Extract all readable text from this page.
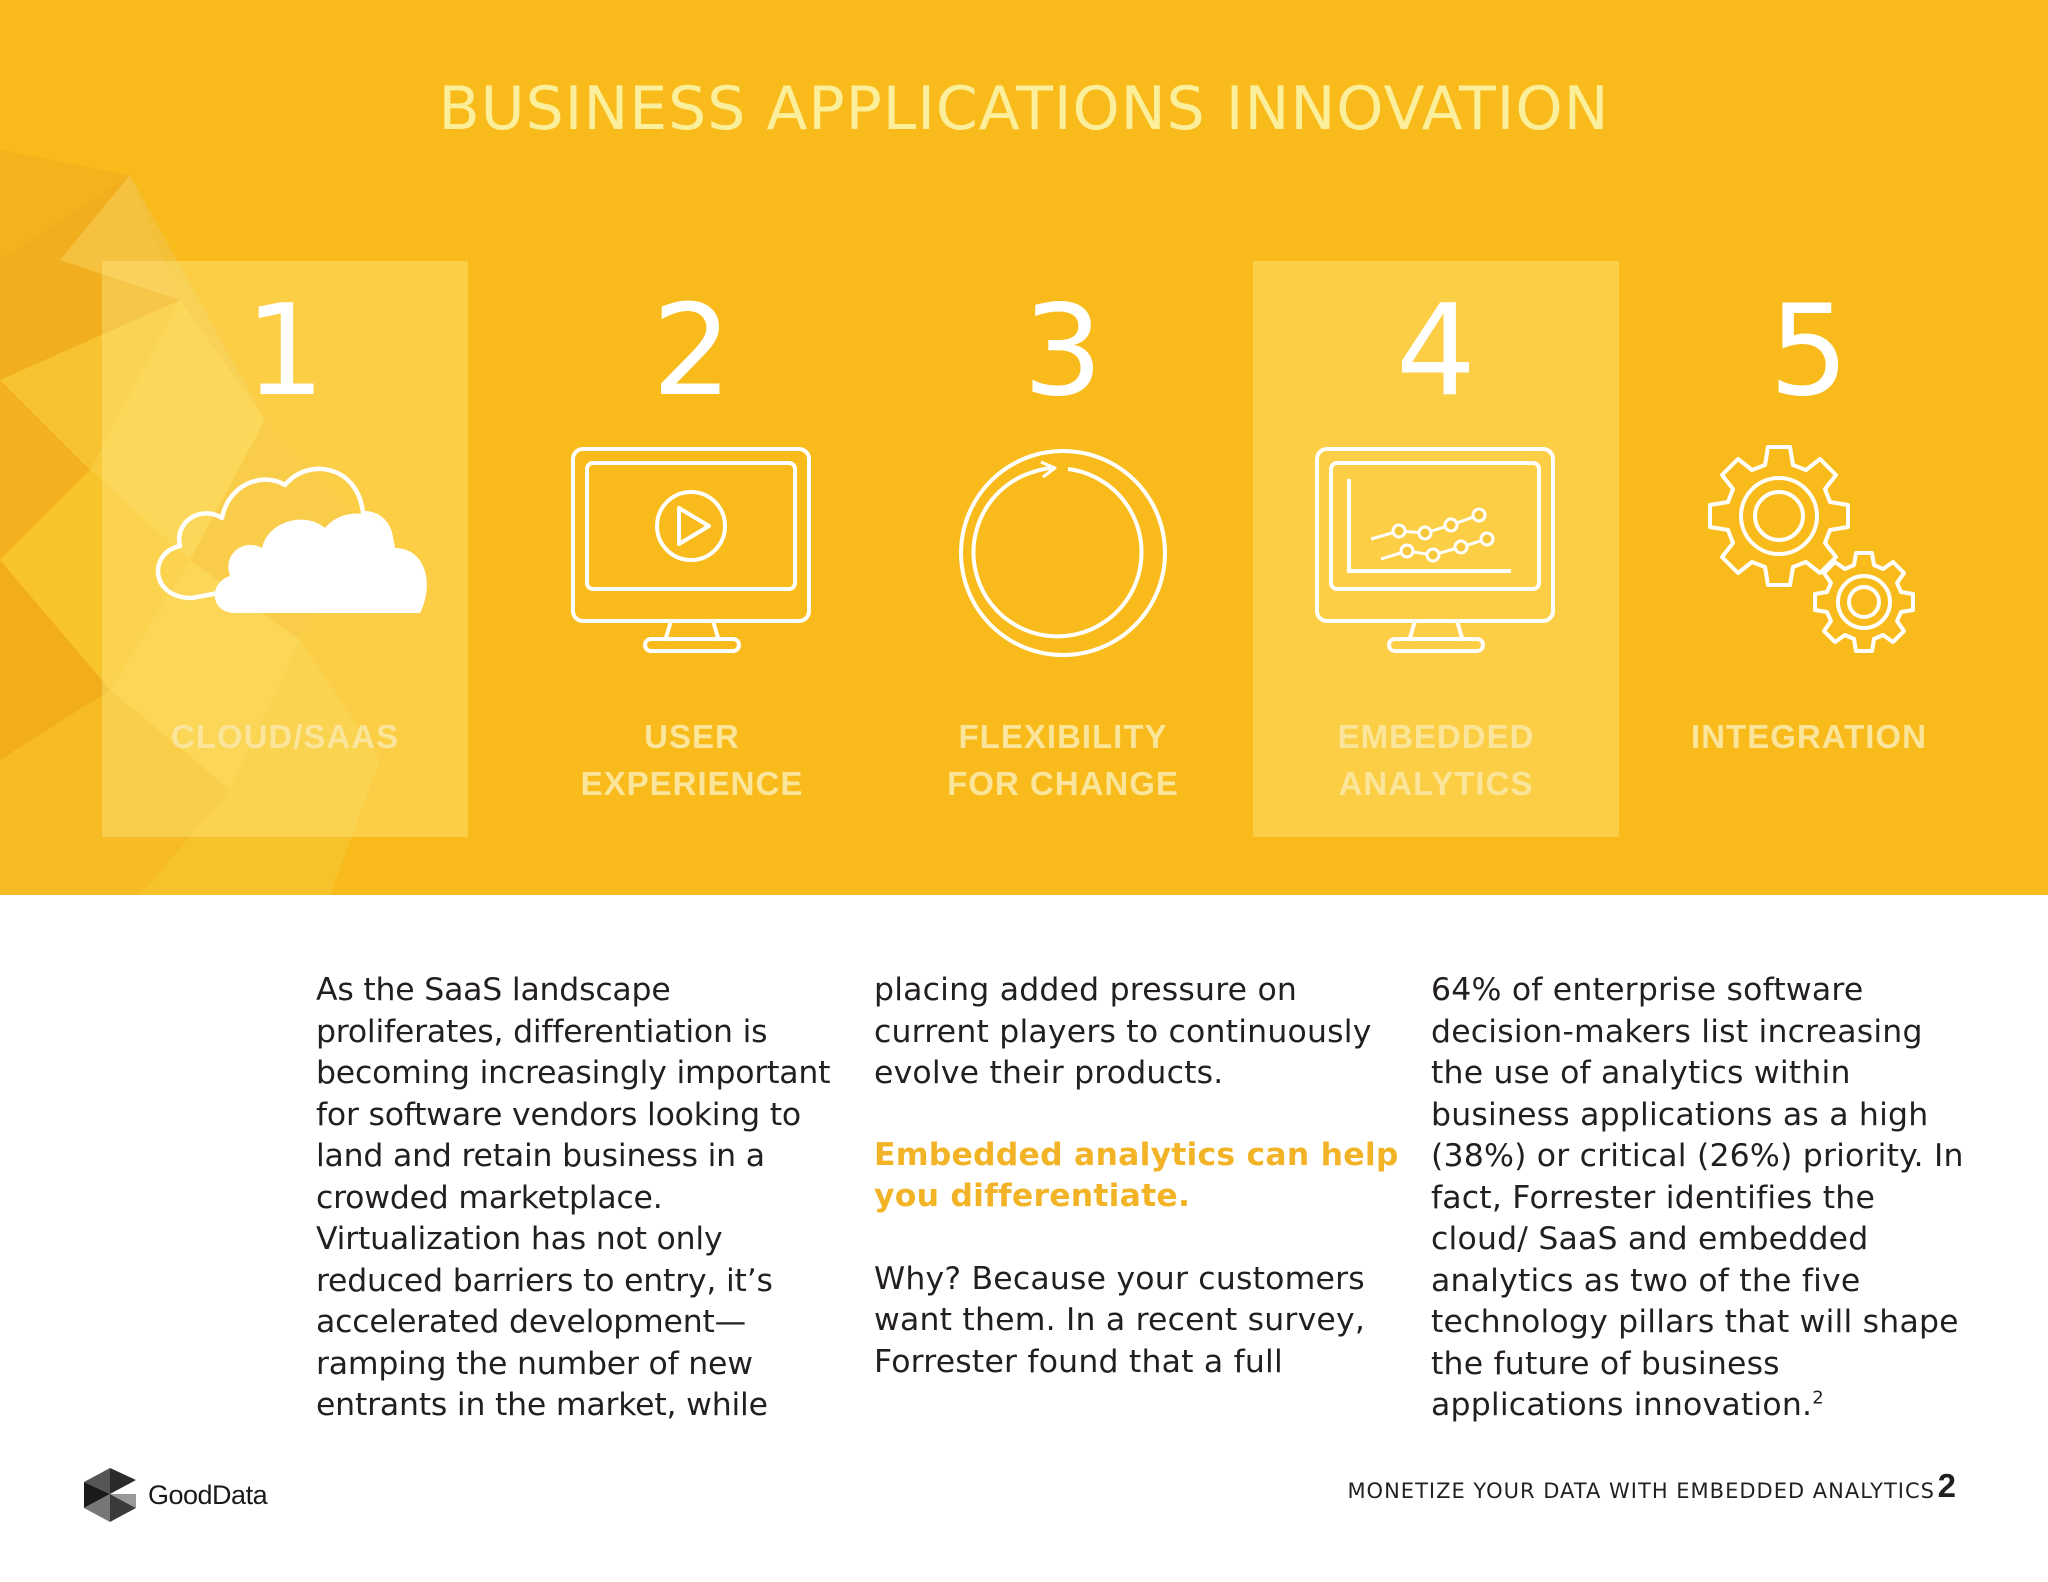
BUSINESS APPLICATIONS INNOVATION
1
CLOUD/SAAS
2
USER
EXPERIENCE
3
FLEXIBILITY
FOR CHANGE
4
EMBEDDED
ANALYTICS
5
INTEGRATION

As the SaaS landscape proliferates, differentiation is becoming increasingly important for software vendors looking to land and retain business in a crowded marketplace. Virtualization has not only reduced barriers to entry, it’s accelerated development—ramping the number of new entrants in the market, while

placing added pressure on current players to continuously evolve their products.

Embedded analytics can help you differentiate.

Why? Because your customers want them. In a recent survey, Forrester found that a full

64% of enterprise software decision-makers list increasing the use of analytics within business applications as a high (38%) or critical (26%) priority. In fact, Forrester identifies the cloud/ SaaS and embedded analytics as two of the five technology pillars that will shape the future of business applications innovation.$^2$

GoodData	MONETIZE YOUR DATA WITH EMBEDDED ANALYTICS 2
